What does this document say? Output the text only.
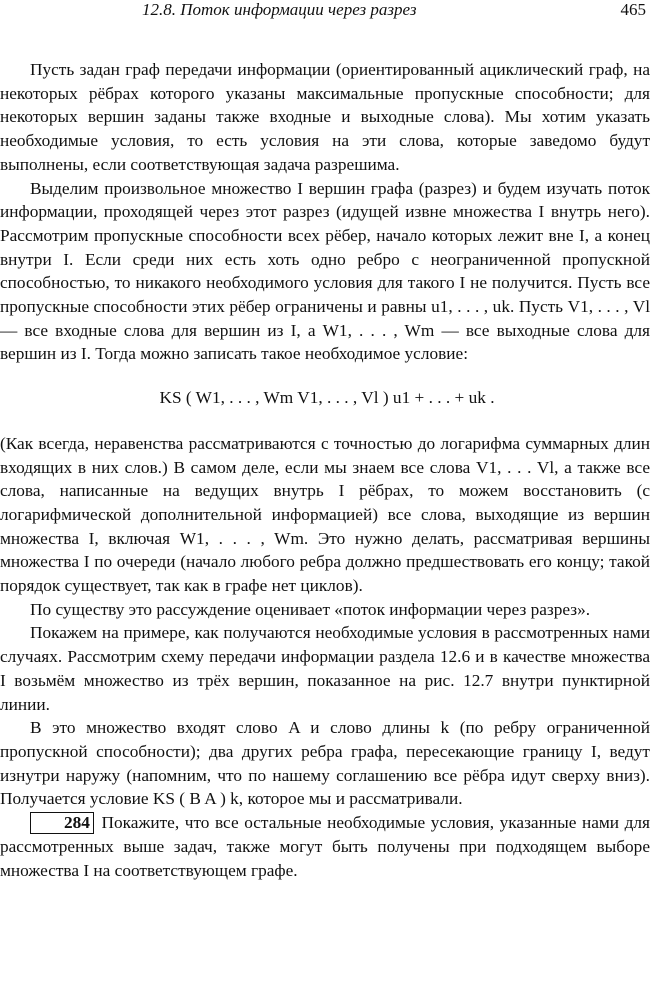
12.8. Поток информации через разрез	465

Пусть задан граф передачи информации (ориентированный ациклический граф, на некоторых рёбрах которого указаны максимальные пропускные способности; для некоторых вершин заданы также входные и выходные слова). Мы хотим указать необходимые условия, то есть условия на эти слова, которые заведомо будут выполнены, если соответствующая задача разрешима.

Выделим произвольное множество I вершин графа (разрез) и будем изучать поток информации, проходящей через этот разрез (идущей извне множества I внутрь него). Рассмотрим пропускные способности всех рёбер, начало которых лежит вне I, а конец внутри I. Если среди них есть хоть одно ребро с неограниченной пропускной способностью, то никакого необходимого условия для такого I не получится. Пусть все пропускные способности этих рёбер ограничены и равны u1, . . . , uk. Пусть V1, . . . , Vl — все входные слова для вершин из I, а W1, . . . , Wm — все выходные слова для вершин из I. Тогда можно записать такое необходимое условие:

KS ( W1, . . . , Wm V1, . . . , Vl ) u1 + . . . + uk .

(Как всегда, неравенства рассматриваются с точностью до логарифма суммарных длин входящих в них слов.) В самом деле, если мы знаем все слова V1, . . . Vl, а также все слова, написанные на ведущих внутрь I рёбрах, то можем восстановить (с логарифмической дополнительной информацией) все слова, выходящие из вершин множества I, включая W1, . . . , Wm. Это нужно делать, рассматривая вершины множества I по очереди (начало любого ребра должно предшествовать его концу; такой порядок существует, так как в графе нет циклов).

По существу это рассуждение оценивает «поток информации через разрез».

Покажем на примере, как получаются необходимые условия в рассмотренных нами случаях. Рассмотрим схему передачи информации раздела 12.6 и в качестве множества I возьмём множество из трёх вершин, показанное на рис. 12.7 внутри пунктирной линии.

В это множество входят слово A и слово длины k (по ребру ограниченной пропускной способности); два других ребра графа, пересекающие границу I, ведут изнутри наружу (напомним, что по нашему соглашению все рёбра идут сверху вниз). Получается условие KS ( B A ) k, которое мы и рассматривали.

284 Покажите, что все остальные необходимые условия, указанные нами для рассмотренных выше задач, также могут быть получены при подходящем выборе множества I на соответствующем графе.
